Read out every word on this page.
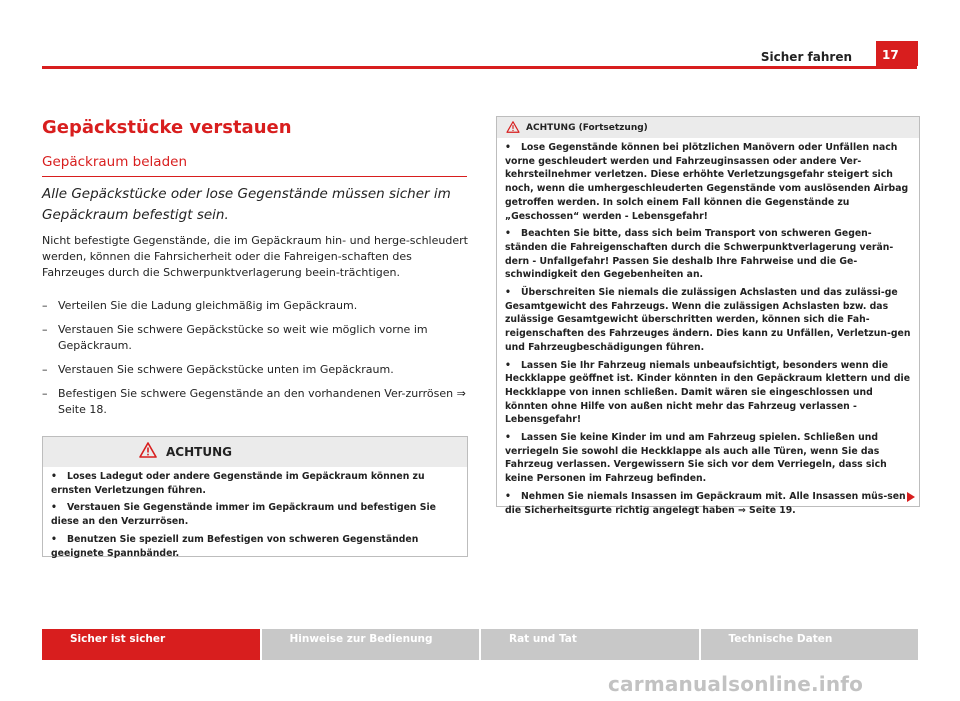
Sicher fahren	17
Gepäckstücke verstauen
Gepäckraum beladen
Alle Gepäckstücke oder lose Gegenstände müssen sicher im Gepäckraum befestigt sein.
Nicht befestigte Gegenstände, die im Gepäckraum hin- und herge-schleudert werden, können die Fahrsicherheit oder die Fahreigen-schaften des Fahrzeuges durch die Schwerpunktverlagerung beein-trächtigen.
– Verteilen Sie die Ladung gleichmäßig im Gepäckraum.
– Verstauen Sie schwere Gepäckstücke so weit wie möglich vorne im Gepäckraum.
– Verstauen Sie schwere Gepäckstücke unten im Gepäckraum.
– Befestigen Sie schwere Gegenstände an den vorhandenen Ver-zurrösen ⇒ Seite 18.
ACHTUNG
• Loses Ladegut oder andere Gegenstände im Gepäckraum können zu ernsten Verletzungen führen.
• Verstauen Sie Gegenstände immer im Gepäckraum und befestigen Sie diese an den Verzurrösen.
• Benutzen Sie speziell zum Befestigen von schweren Gegenständen geeignete Spannbänder.
ACHTUNG (Fortsetzung)
• Lose Gegenstände können bei plötzlichen Manövern oder Unfällen nach vorne geschleudert werden und Fahrzeuginsassen oder andere Ver-kehrsteilnehmer verletzen. Diese erhöhte Verletzungsgefahr steigert sich noch, wenn die umhergeschleuderten Gegenstände vom auslösenden Airbag getroffen werden. In solch einem Fall können die Gegenstände zu „Geschossen“ werden - Lebensgefahr!
• Beachten Sie bitte, dass sich beim Transport von schweren Gegen-ständen die Fahreigenschaften durch die Schwerpunktverlagerung verän-dern - Unfallgefahr! Passen Sie deshalb Ihre Fahrweise und die Ge-schwindigkeit den Gegebenheiten an.
• Überschreiten Sie niemals die zulässigen Achslasten und das zulässi-ge Gesamtgewicht des Fahrzeugs. Wenn die zulässigen Achslasten bzw. das zulässige Gesamtgewicht überschritten werden, können sich die Fah-reigenschaften des Fahrzeuges ändern. Dies kann zu Unfällen, Verletzun-gen und Fahrzeugbeschädigungen führen.
• Lassen Sie Ihr Fahrzeug niemals unbeaufsichtigt, besonders wenn die Heckklappe geöffnet ist. Kinder könnten in den Gepäckraum klettern und die Heckklappe von innen schließen. Damit wären sie eingeschlossen und könnten ohne Hilfe von außen nicht mehr das Fahrzeug verlassen - Lebensgefahr!
• Lassen Sie keine Kinder im und am Fahrzeug spielen. Schließen und verriegeln Sie sowohl die Heckklappe als auch alle Türen, wenn Sie das Fahrzeug verlassen. Vergewissern Sie sich vor dem Verriegeln, dass sich keine Personen im Fahrzeug befinden.
• Nehmen Sie niemals Insassen im Gepäckraum mit. Alle Insassen müs-sen die Sicherheitsgurte richtig angelegt haben ⇒ Seite 19.
Sicher ist sicher	Hinweise zur Bedienung	Rat und Tat	Technische Daten
carmanualsonline.info
